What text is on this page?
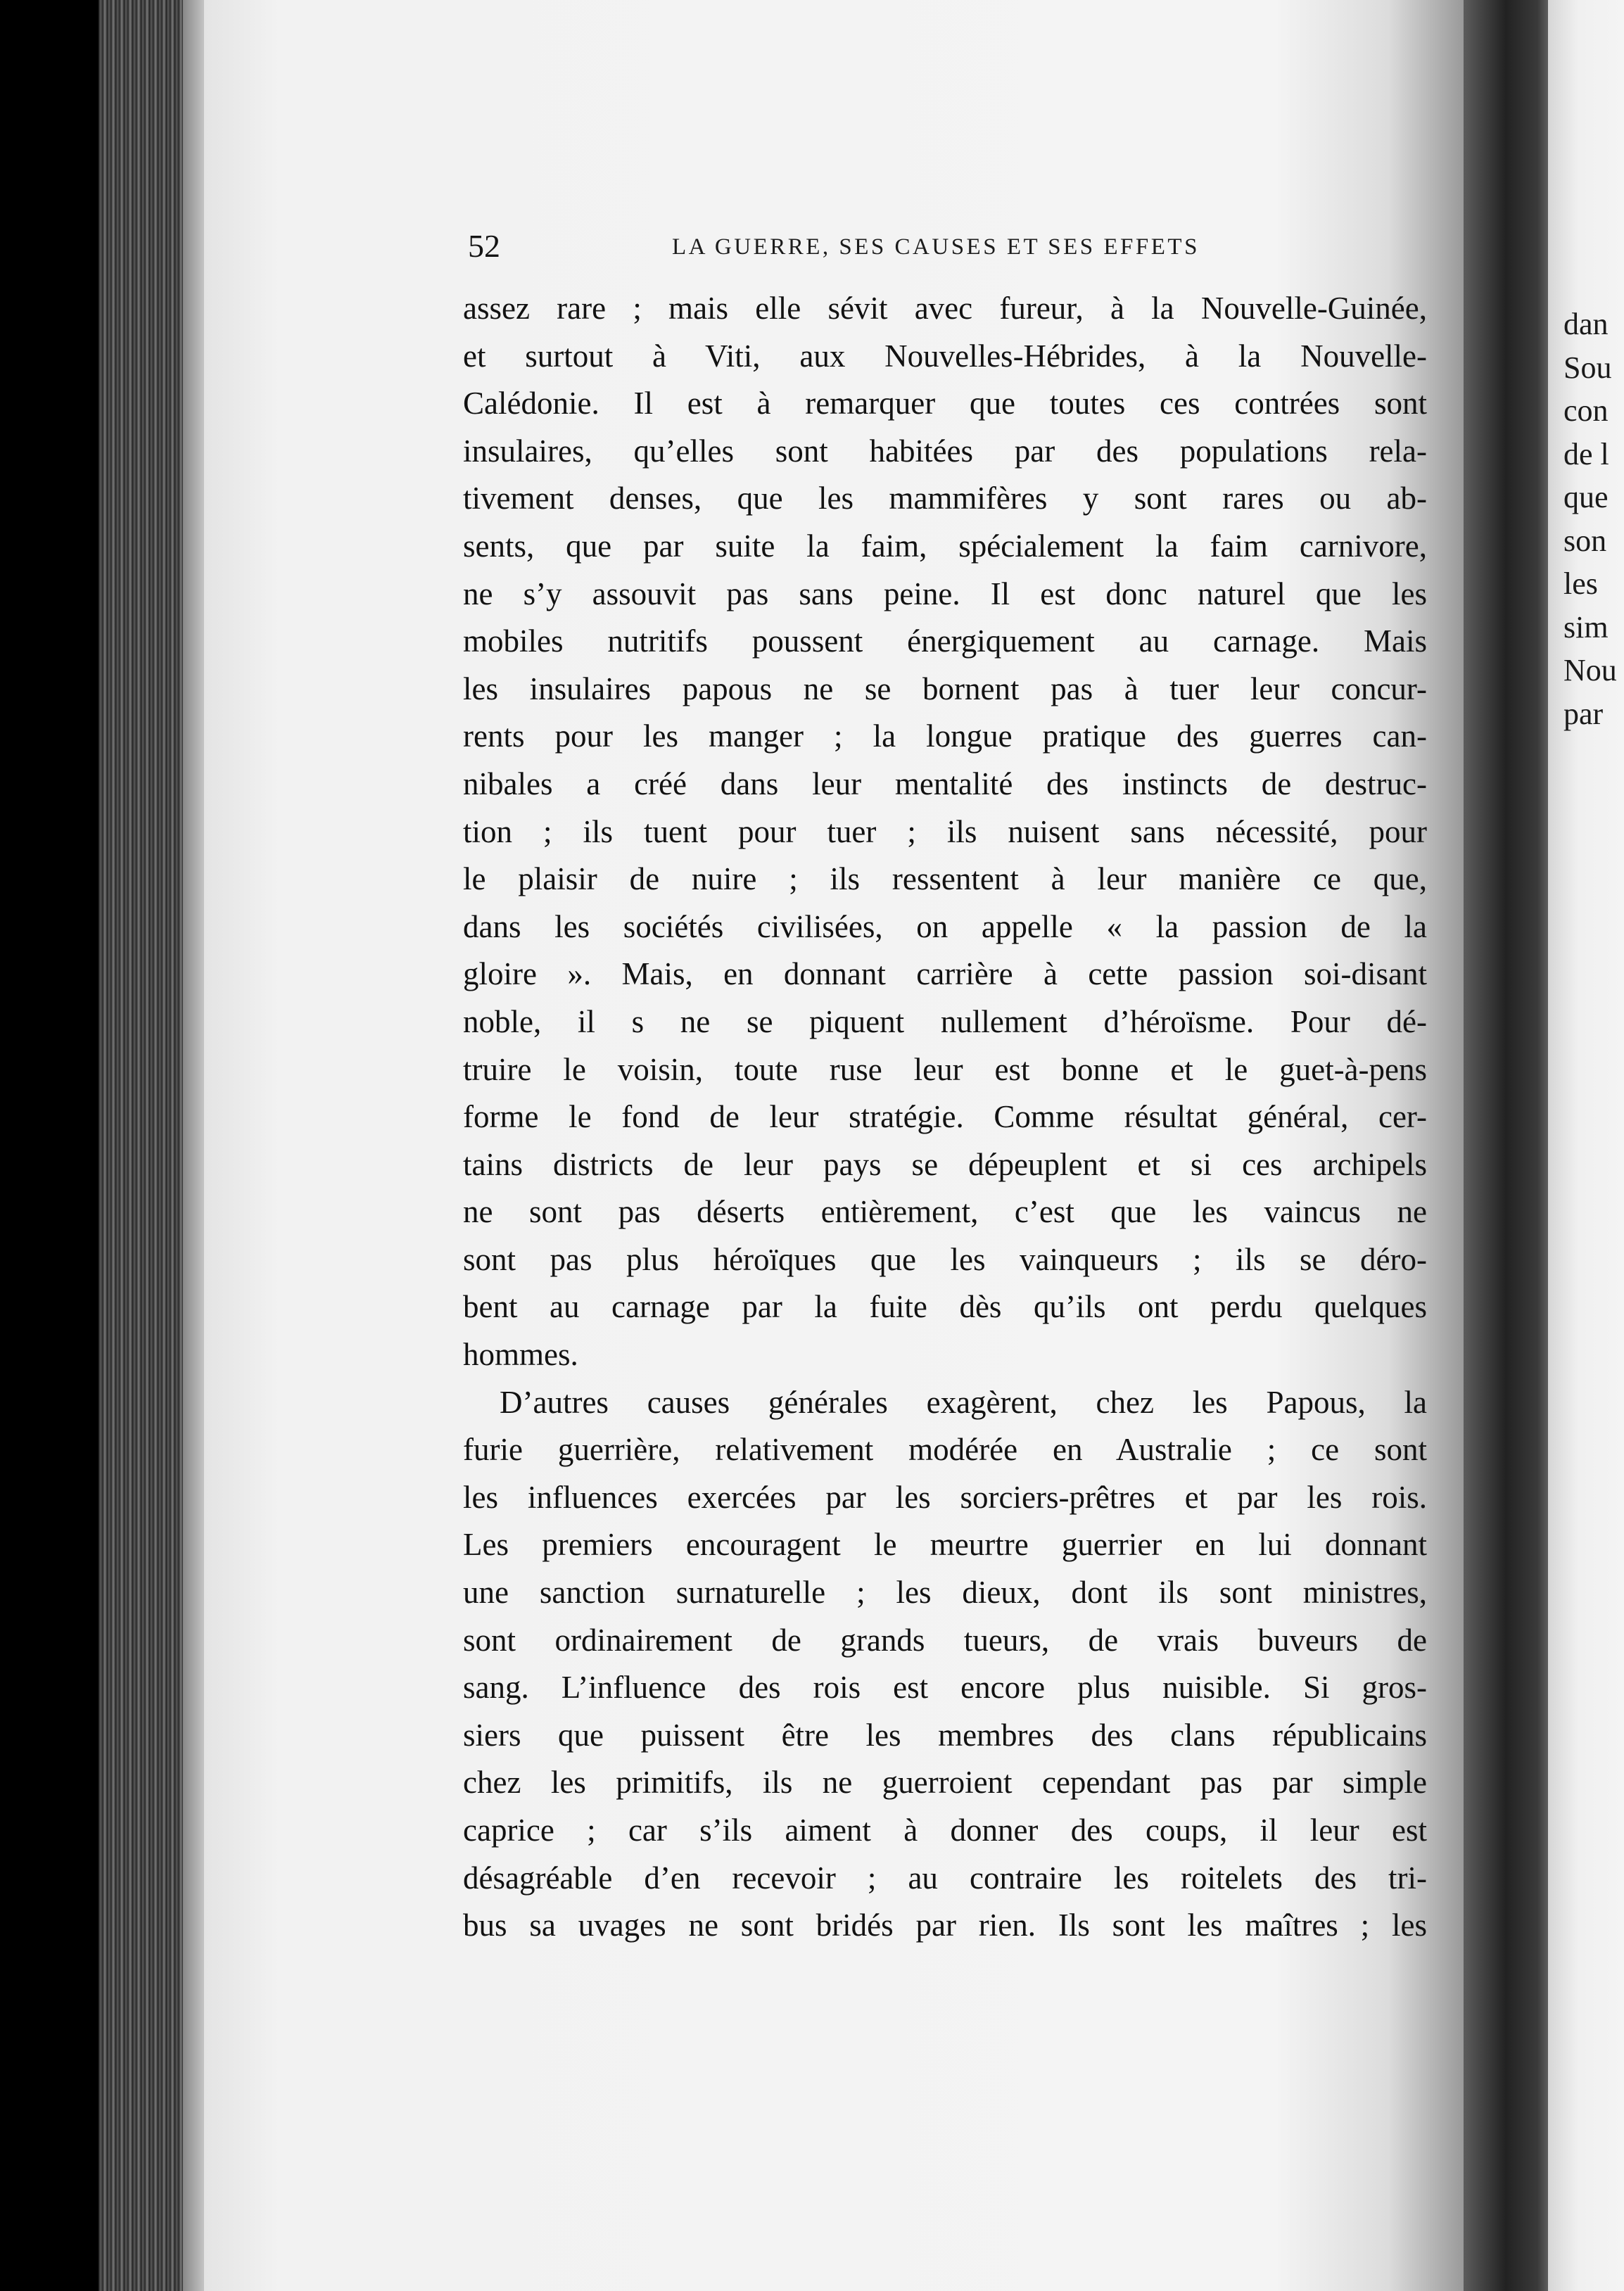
dan
Sou
con
de l
que
son
les
sim
Nou
par
52	LA GUERRE, SES CAUSES ET SES EFFETS
assez rare ; mais elle sévit avec fureur, à la Nouvelle-Guinée,
et surtout à Viti, aux Nouvelles-Hébrides, à la Nouvelle-
Calédonie. Il est à remarquer que toutes ces contrées sont
insulaires, qu’elles sont habitées par des populations rela-
tivement denses, que les mammifères y sont rares ou ab-
sents, que par suite la faim, spécialement la faim carnivore,
ne s’y assouvit pas sans peine. Il est donc naturel que les
mobiles nutritifs poussent énergiquement au carnage. Mais
les insulaires papous ne se bornent pas à tuer leur concur-
rents pour les manger ; la longue pratique des guerres can-
nibales a créé dans leur mentalité des instincts de destruc-
tion ; ils tuent pour tuer ; ils nuisent sans nécessité, pour
le plaisir de nuire ; ils ressentent à leur manière ce que,
dans les sociétés civilisées, on appelle « la passion de la
gloire ». Mais, en donnant carrière à cette passion soi-disant
noble, il s ne se piquent nullement d’héroïsme. Pour dé-
truire le voisin, toute ruse leur est bonne et le guet-à-pens
forme le fond de leur stratégie. Comme résultat général, cer-
tains districts de leur pays se dépeuplent et si ces archipels
ne sont pas déserts entièrement, c’est que les vaincus ne
sont pas plus héroïques que les vainqueurs ; ils se déro-
bent au carnage par la fuite dès qu’ils ont perdu quelques
hommes.
D’autres causes générales exagèrent, chez les Papous, la
furie guerrière, relativement modérée en Australie ; ce sont
les influences exercées par les sorciers-prêtres et par les rois.
Les premiers encouragent le meurtre guerrier en lui donnant
une sanction surnaturelle ; les dieux, dont ils sont ministres,
sont ordinairement de grands tueurs, de vrais buveurs de
sang. L’influence des rois est encore plus nuisible. Si gros-
siers que puissent être les membres des clans républicains
chez les primitifs, ils ne guerroient cependant pas par simple
caprice ; car s’ils aiment à donner des coups, il leur est
désagréable d’en recevoir ; au contraire les roitelets des tri-
bus sa uvages ne sont bridés par rien. Ils sont les maîtres ; les
